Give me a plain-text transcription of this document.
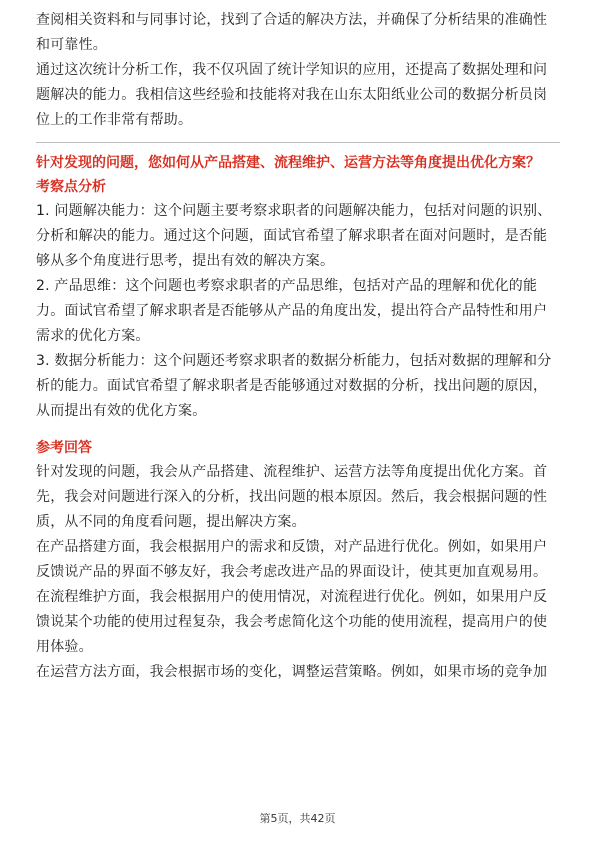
查阅相关资料和与同事讨论，找到了合适的解决方法，并确保了分析结果的准确性和可靠性。

通过这次统计分析工作，我不仅巩固了统计学知识的应用，还提高了数据处理和问题解决的能力。我相信这些经验和技能将对我在山东太阳纸业公司的数据分析员岗位上的工作非常有帮助。

针对发现的问题，您如何从产品搭建、流程维护、运营方法等角度提出优化方案？

考察点分析

1. 问题解决能力：这个问题主要考察求职者的问题解决能力，包括对问题的识别、分析和解决的能力。通过这个问题，面试官希望了解求职者在面对问题时，是否能够从多个角度进行思考，提出有效的解决方案。

2. 产品思维：这个问题也考察求职者的产品思维，包括对产品的理解和优化的能力。面试官希望了解求职者是否能够从产品的角度出发，提出符合产品特性和用户需求的优化方案。

3. 数据分析能力：这个问题还考察求职者的数据分析能力，包括对数据的理解和分析的能力。面试官希望了解求职者是否能够通过对数据的分析，找出问题的原因，从而提出有效的优化方案。

参考回答

针对发现的问题，我会从产品搭建、流程维护、运营方法等角度提出优化方案。首先，我会对问题进行深入的分析，找出问题的根本原因。然后，我会根据问题的性质，从不同的角度看问题，提出解决方案。

在产品搭建方面，我会根据用户的需求和反馈，对产品进行优化。例如，如果用户反馈说产品的界面不够友好，我会考虑改进产品的界面设计，使其更加直观易用。

在流程维护方面，我会根据用户的使用情况，对流程进行优化。例如，如果用户反馈说某个功能的使用过程复杂，我会考虑简化这个功能的使用流程，提高用户的使用体验。

在运营方法方面，我会根据市场的变化，调整运营策略。例如，如果市场的竞争加

第5页，共42页
